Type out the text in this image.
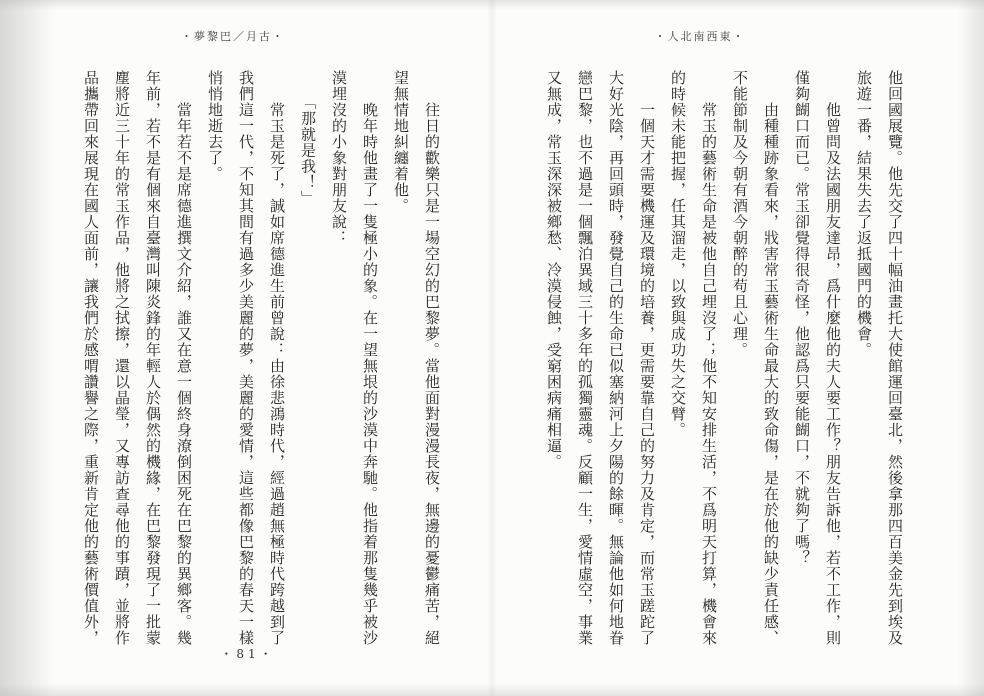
・人北南西東・
他回國展覽。他先交了四十幅油畫托大使館運回臺北，然後拿那四百美金先到埃及
旅遊一番，結果失去了返抵國門的機會。
　　他曾問及法國朋友達昂，爲什麼他的夫人要工作？朋友告訴他，若不工作，則
僅夠餬口而已。常玉卻覺得很奇怪，他認爲只要能餬口，不就夠了嗎？
　　由種種跡象看來，戕害常玉藝術生命最大的致命傷，是在於他的缺少責任感、
不能節制及今朝有酒今朝醉的苟且心理。
　　常玉的藝術生命是被他自己埋沒了；他不知安排生活，不爲明天打算，機會來
的時候未能把握，任其溜走，以致與成功失之交臂。
　　一個天才需要機運及環境的培養，更需要靠自己的努力及肯定，而常玉蹉跎了
大好光陰，再回頭時，發覺自己的生命已似塞納河上夕陽的餘暉。無論他如何地眷
戀巴黎，也不過是一個飄泊異域三十多年的孤獨靈魂。反顧一生，愛情虛空，事業
又無成，常玉深深被鄉愁、冷漠侵蝕，受窮困病痛相逼。
・夢黎巴／月古・
　　往日的歡樂只是一場空幻的巴黎夢。當他面對漫漫長夜，無邊的憂鬱痛苦，絕
望無情地糾纏着他。
　　晚年時他畫了一隻極小的象。在一望無垠的沙漠中奔馳。他指着那隻幾乎被沙
漠埋沒的小象對朋友說：
　　「那就是我！」
　　常玉是死了，誠如席德進生前曾說：由徐悲鴻時代，經過趙無極時代跨越到了
我們這一代，不知其間有過多少美麗的夢，美麗的愛情，這些都像巴黎的春天一樣
悄悄地逝去了。
　　當年若不是席德進撰文介紹，誰又在意一個終身潦倒困死在巴黎的異鄉客。幾
年前，若不是有個來自臺灣叫陳炎鋒的年輕人於偶然的機緣，在巴黎發現了一批蒙
塵將近三十年的常玉作品，他將之拭擦，還以晶瑩，又專訪查尋他的事蹟，並將作
品攜帶回來展現在國人面前，讓我們於感喟讚譽之際，重新肯定他的藝術價值外，
・81・
